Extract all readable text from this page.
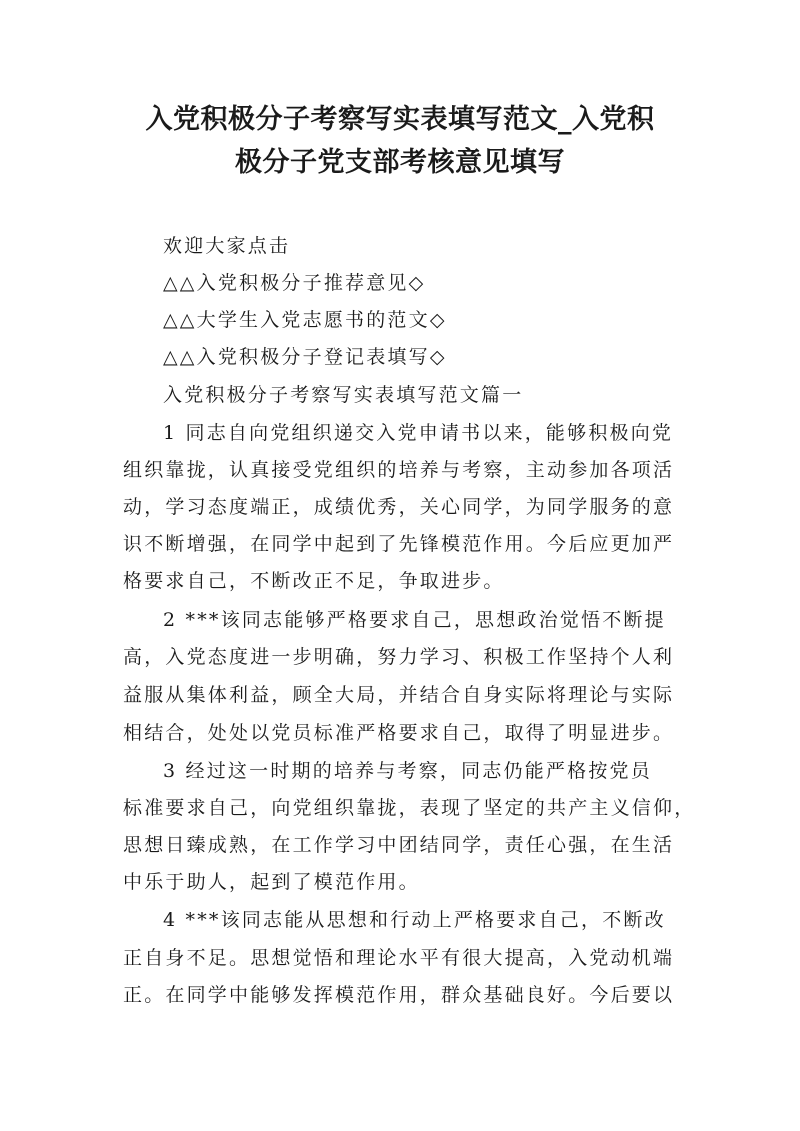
入党积极分子考察写实表填写范文_入党积
极分子党支部考核意见填写
欢迎大家点击
△△入党积极分子推荐意见◇
△△大学生入党志愿书的范文◇
△△入党积极分子登记表填写◇
入党积极分子考察写实表填写范文篇一
1 同志自向党组织递交入党申请书以来，能够积极向党
组织靠拢，认真接受党组织的培养与考察，主动参加各项活
动，学习态度端正，成绩优秀，关心同学，为同学服务的意
识不断增强，在同学中起到了先锋模范作用。今后应更加严
格要求自己，不断改正不足，争取进步。
2 ***该同志能够严格要求自己，思想政治觉悟不断提
高，入党态度进一步明确，努力学习、积极工作坚持个人利
益服从集体利益，顾全大局，并结合自身实际将理论与实际
相结合，处处以党员标准严格要求自己，取得了明显进步。
3 经过这一时期的培养与考察，同志仍能严格按党员
标准要求自己，向党组织靠拢，表现了坚定的共产主义信仰，
思想日臻成熟，在工作学习中团结同学，责任心强，在生活
中乐于助人，起到了模范作用。
4 ***该同志能从思想和行动上严格要求自己，不断改
正自身不足。思想觉悟和理论水平有很大提高，入党动机端
正。在同学中能够发挥模范作用，群众基础良好。今后要以
